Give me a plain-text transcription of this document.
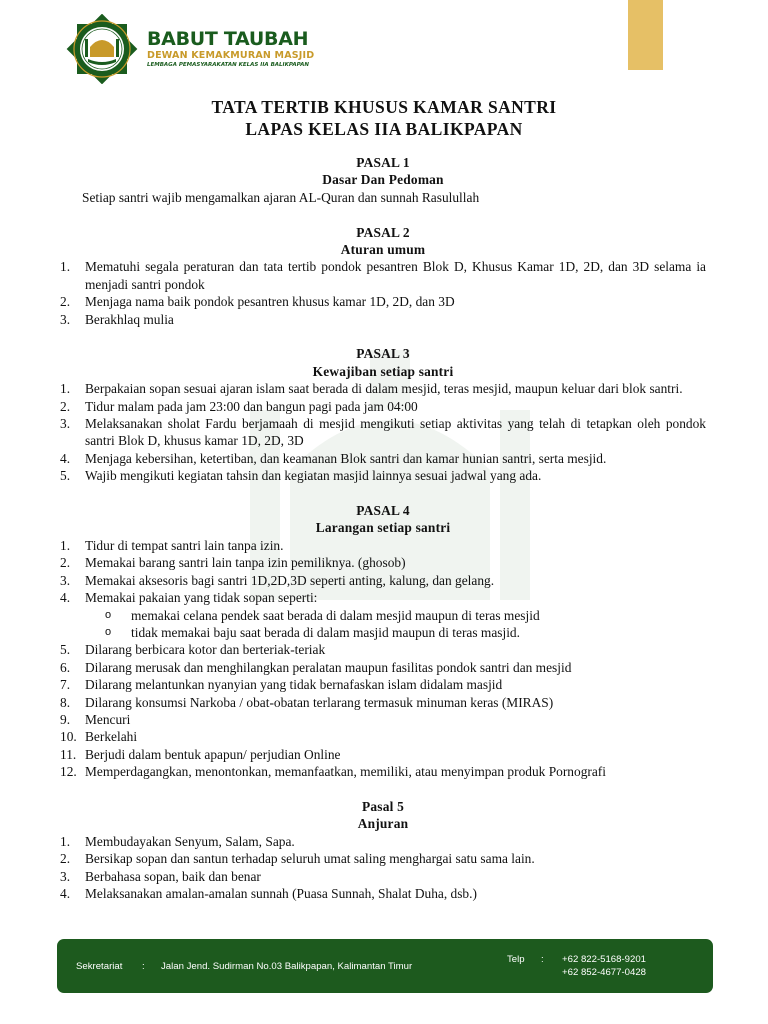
BABUT TAUBAH
DEWAN KEMAKMURAN MASJID
LEMBAGA PEMASYARAKATAN KELAS IIA BALIKPAPAN
TATA TERTIB KHUSUS KAMAR SANTRI
LAPAS KELAS IIA BALIKPAPAN
PASAL 1
Dasar Dan Pedoman
Setiap santri wajib mengamalkan ajaran AL-Quran dan sunnah Rasulullah
PASAL 2
Aturan umum
1. Mematuhi segala peraturan dan tata tertib pondok pesantren Blok D, Khusus Kamar 1D, 2D, dan 3D selama ia menjadi santri pondok
2. Menjaga nama baik pondok pesantren khusus kamar 1D, 2D, dan 3D
3. Berakhlaq mulia
PASAL 3
Kewajiban setiap santri
1. Berpakaian sopan sesuai ajaran islam saat berada di dalam mesjid, teras mesjid, maupun keluar dari blok santri.
2. Tidur malam pada jam 23:00 dan bangun pagi pada jam 04:00
3. Melaksanakan sholat Fardu berjamaah di mesjid mengikuti setiap aktivitas yang telah di tetapkan oleh pondok santri Blok D, khusus kamar 1D, 2D, 3D
4. Menjaga kebersihan, ketertiban, dan keamanan Blok santri dan kamar hunian santri, serta mesjid.
5. Wajib mengikuti kegiatan tahsin dan kegiatan masjid lainnya sesuai jadwal yang ada.
PASAL 4
Larangan setiap santri
1. Tidur di tempat santri lain tanpa izin.
2. Memakai barang santri lain tanpa izin pemiliknya. (ghosob)
3. Memakai aksesoris bagi santri 1D,2D,3D seperti anting, kalung, dan gelang.
4. Memakai pakaian yang tidak sopan seperti:
o memakai celana pendek saat berada di dalam mesjid maupun di teras mesjid
o tidak memakai baju saat berada di dalam masjid maupun di teras masjid.
5. Dilarang berbicara kotor dan berteriak-teriak
6. Dilarang merusak dan menghilangkan peralatan maupun fasilitas pondok santri dan mesjid
7. Dilarang melantunkan nyanyian yang tidak bernafaskan islam didalam masjid
8. Dilarang konsumsi Narkoba / obat-obatan terlarang termasuk minuman keras (MIRAS)
9. Mencuri
10. Berkelahi
11. Berjudi dalam bentuk apapun/ perjudian Online
12. Memperdagangkan, menontonkan, memanfaatkan, memiliki, atau menyimpan produk Pornografi
Pasal 5
Anjuran
1. Membudayakan Senyum, Salam, Sapa.
2. Bersikap sopan dan santun terhadap seluruh umat saling menghargai satu sama lain.
3. Berbahasa sopan, baik dan benar
4. Melaksanakan amalan-amalan sunnah (Puasa Sunnah, Shalat Duha, dsb.)
Sekretariat : Jalan Jend. Sudirman No.03 Balikpapan, Kalimantan Timur
Telp : +62 822-5168-9201
+62 852-4677-0428
